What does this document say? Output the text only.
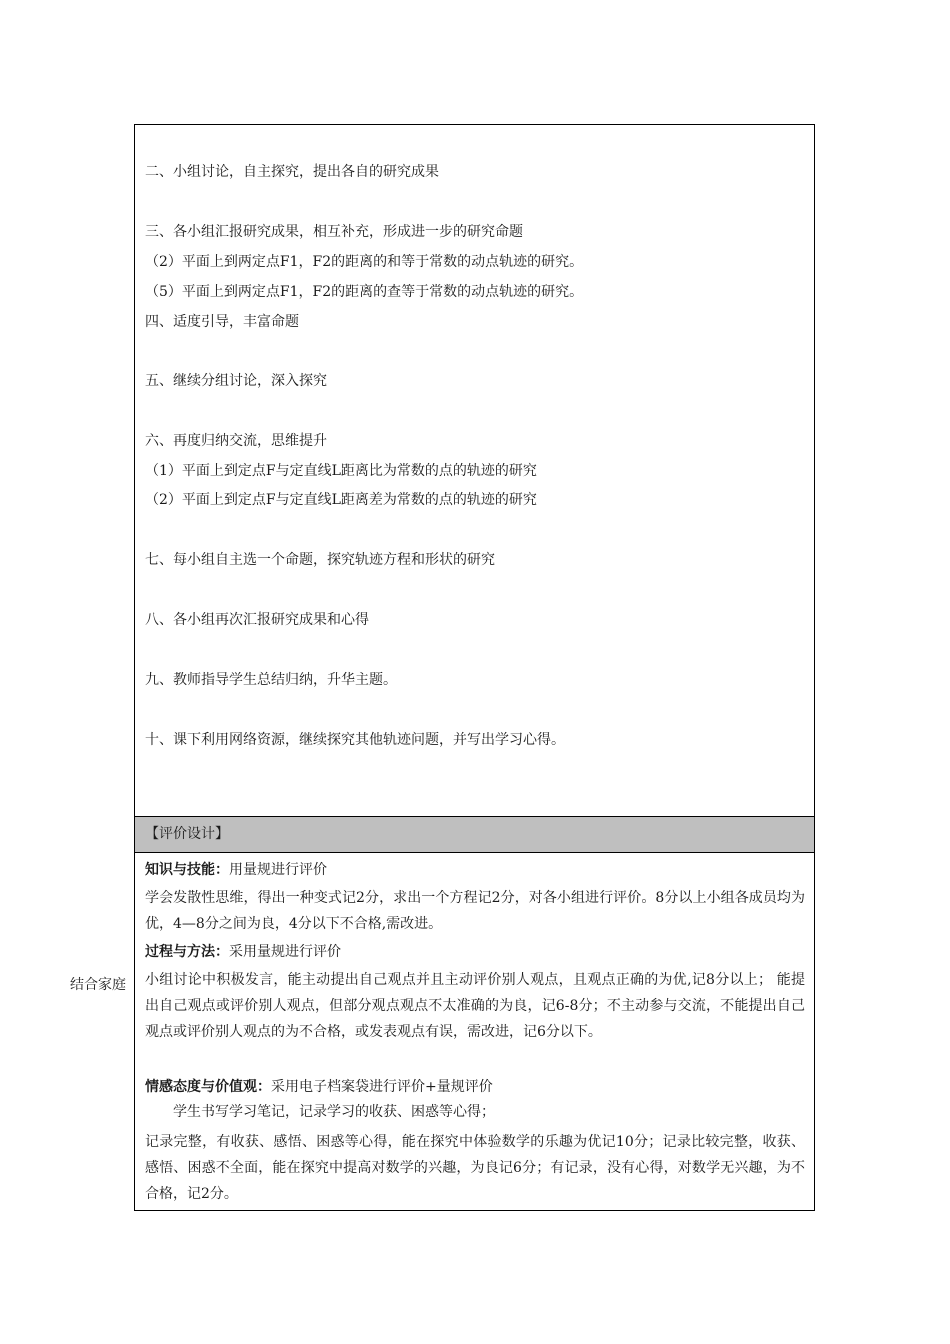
二、小组讨论，自主探究，提出各自的研究成果
三、各小组汇报研究成果，相互补充，形成进一步的研究命题
（2）平面上到两定点F1，F2的距离的和等于常数的动点轨迹的研究。
（5）平面上到两定点F1，F2的距离的查等于常数的动点轨迹的研究。
四、适度引导，丰富命题
五、继续分组讨论，深入探究
六、再度归纳交流，思维提升
（1）平面上到定点F与定直线L距离比为常数的点的轨迹的研究
（2）平面上到定点F与定直线L距离差为常数的点的轨迹的研究
七、每小组自主选一个命题，探究轨迹方程和形状的研究
八、各小组再次汇报研究成果和心得
九、教师指导学生总结归纳，升华主题。
十、课下利用网络资源，继续探究其他轨迹问题，并写出学习心得。
【评价设计】
知识与技能：用量规进行评价
学会发散性思维，得出一种变式记2分，求出一个方程记2分，对各小组进行评价。8分以上小组各成员均为优，4—8分之间为良，4分以下不合格,需改进。
过程与方法：采用量规进行评价
小组讨论中积极发言，能主动提出自己观点并且主动评价别人观点，且观点正确的为优,记8分以上； 能提出自己观点或评价别人观点，但部分观点观点不太准确的为良，记6-8分；不主动参与交流，不能提出自己观点或评价别人观点的为不合格，或发表观点有误，需改进，记6分以下。
情感态度与价值观：采用电子档案袋进行评价+量规评价
学生书写学习笔记，记录学习的收获、困惑等心得；
记录完整，有收获、感悟、困惑等心得，能在探究中体验数学的乐趣为优记10分；记录比较完整，收获、感悟、困惑不全面，能在探究中提高对数学的兴趣，为良记6分；有记录，没有心得，对数学无兴趣，为不合格，记2分。
结合家庭
